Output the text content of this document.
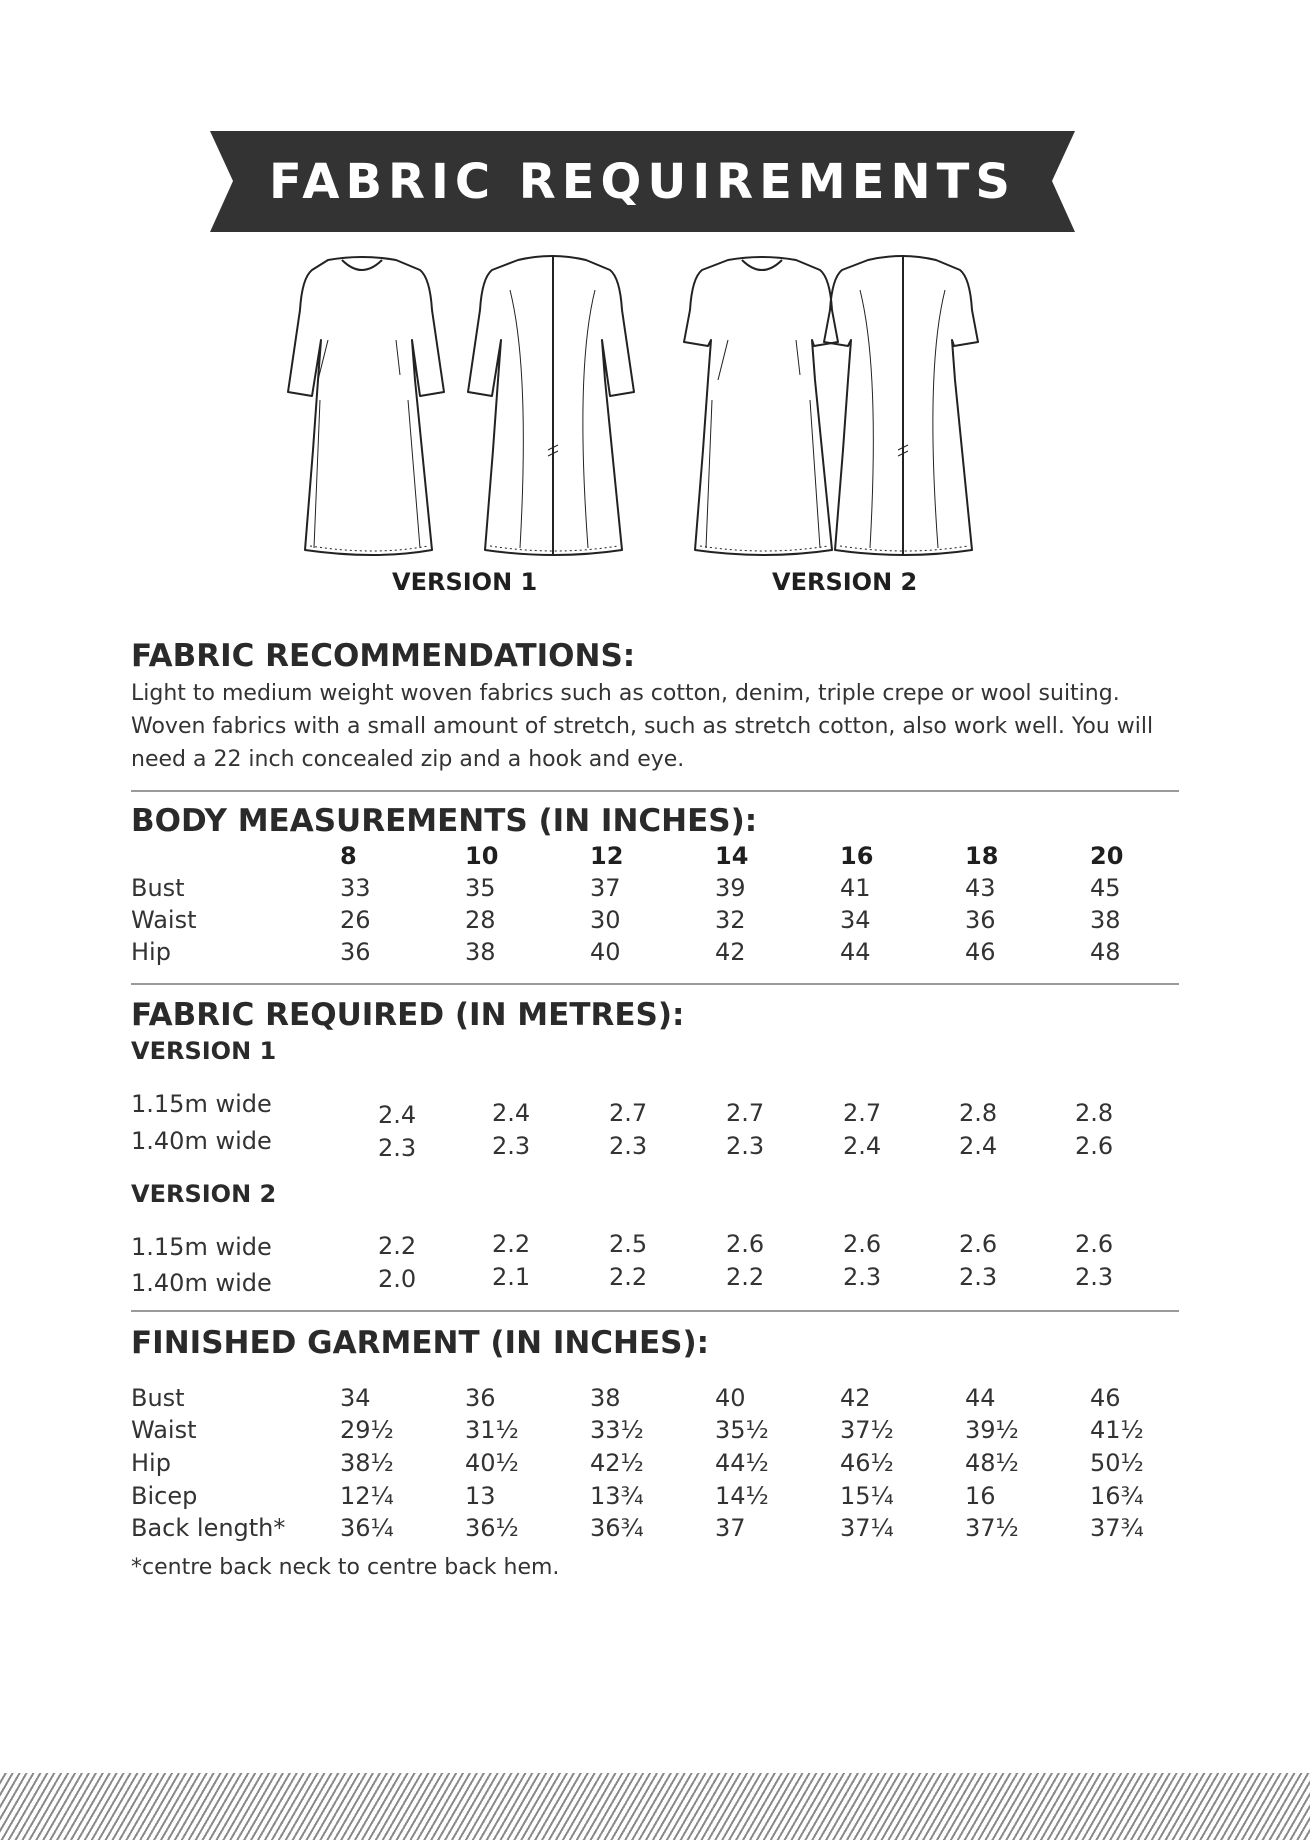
FABRIC REQUIREMENTS
VERSION 1	VERSION 2
FABRIC RECOMMENDATIONS:
Light to medium weight woven fabrics such as cotton, denim, triple crepe or wool suiting. Woven fabrics with a small amount of stretch, such as stretch cotton, also work well. You will need a 22 inch concealed zip and a hook and eye.
BODY MEASUREMENTS (IN INCHES):
8	10	12	14	16	18	20
Bust	33	35	37	39	41	43	45
Waist	26	28	30	32	34	36	38
Hip	36	38	40	42	44	46	48
FABRIC REQUIRED (IN METRES):
VERSION 1
1.15m wide	2.4	2.4	2.7	2.7	2.7	2.8	2.8
1.40m wide	2.3	2.3	2.3	2.3	2.4	2.4	2.6
VERSION 2
1.15m wide	2.2	2.2	2.5	2.6	2.6	2.6	2.6
1.40m wide	2.0	2.1	2.2	2.2	2.3	2.3	2.3
FINISHED GARMENT (IN INCHES):
Bust	34	36	38	40	42	44	46
Waist	29½	31½	33½	35½	37½	39½	41½
Hip	38½	40½	42½	44½	46½	48½	50½
Bicep	12¼	13	13¾	14½	15¼	16	16¾
Back length* 36¼	36½	36¾	37	37¼	37½	37¾
*centre back neck to centre back hem.
